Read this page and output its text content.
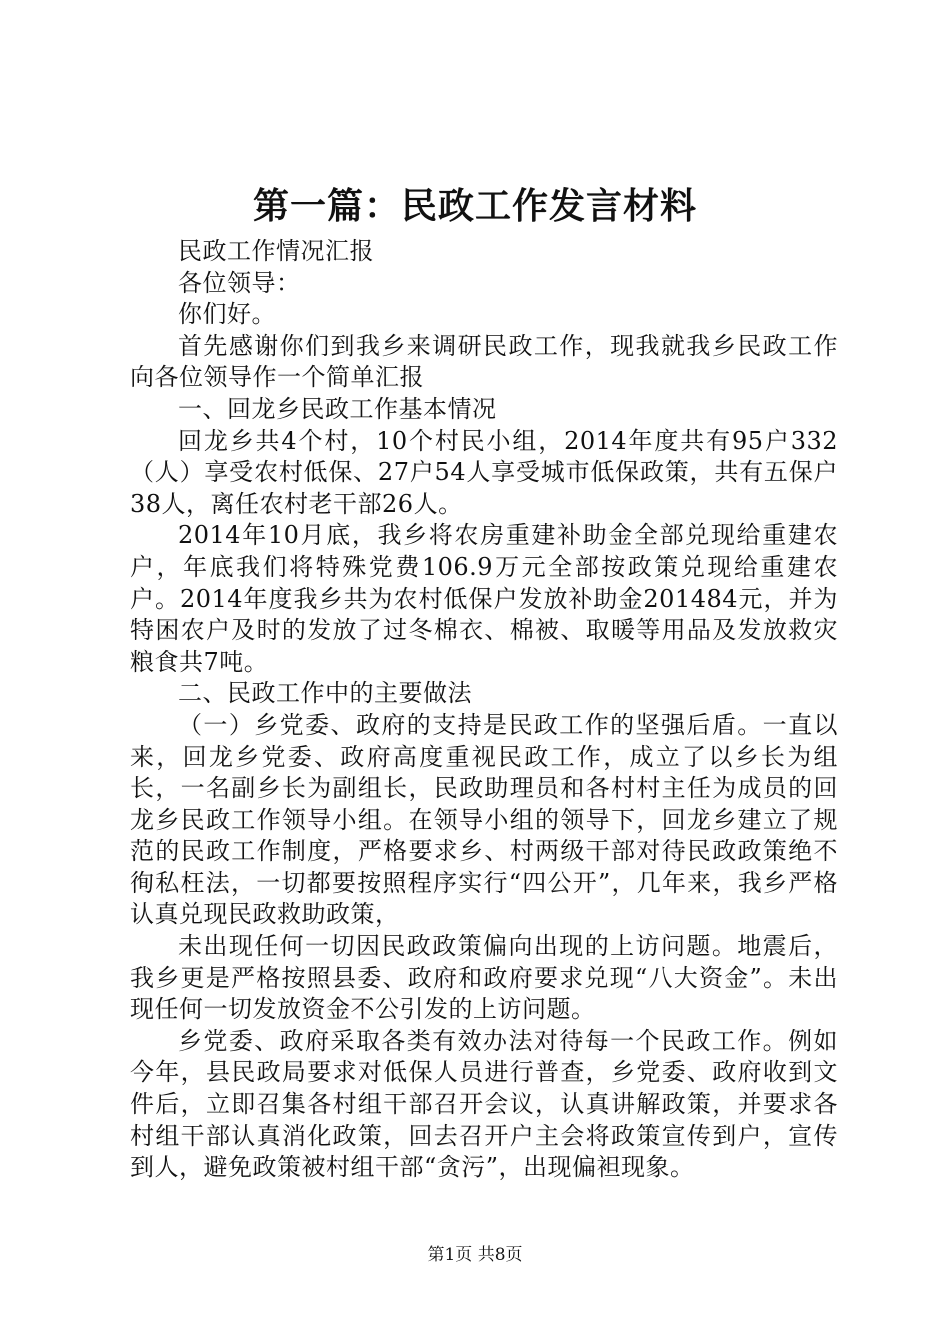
第一篇：民政工作发言材料

民政工作情况汇报

各位领导：

你们好。

首先感谢你们到我乡来调研民政工作，现我就我乡民政工作向各位领导作一个简单汇报

一、回龙乡民政工作基本情况

回龙乡共4个村，10个村民小组，2014年度共有95户332（人）享受农村低保、27户54人享受城市低保政策，共有五保户38人，离任农村老干部26人。

2014年10月底，我乡将农房重建补助金全部兑现给重建农户，年底我们将特殊党费106.9万元全部按政策兑现给重建农户。2014年度我乡共为农村低保户发放补助金201484元，并为特困农户及时的发放了过冬棉衣、棉被、取暖等用品及发放救灾粮食共7吨。

二、民政工作中的主要做法

（一）乡党委、政府的支持是民政工作的坚强后盾。一直以来，回龙乡党委、政府高度重视民政工作，成立了以乡长为组长，一名副乡长为副组长，民政助理员和各村村主任为成员的回龙乡民政工作领导小组。在领导小组的领导下，回龙乡建立了规范的民政工作制度，严格要求乡、村两级干部对待民政政策绝不徇私枉法，一切都要按照程序实行“四公开”，几年来，我乡严格认真兑现民政救助政策，

未出现任何一切因民政政策偏向出现的上访问题。地震后，我乡更是严格按照县委、政府和政府要求兑现“八大资金”。未出现任何一切发放资金不公引发的上访问题。

乡党委、政府采取各类有效办法对待每一个民政工作。例如今年，县民政局要求对低保人员进行普查，乡党委、政府收到文件后，立即召集各村组干部召开会议，认真讲解政策，并要求各村组干部认真消化政策，回去召开户主会将政策宣传到户，宣传到人，避免政策被村组干部“贪污”，出现偏袒现象。

第1页 共8页
